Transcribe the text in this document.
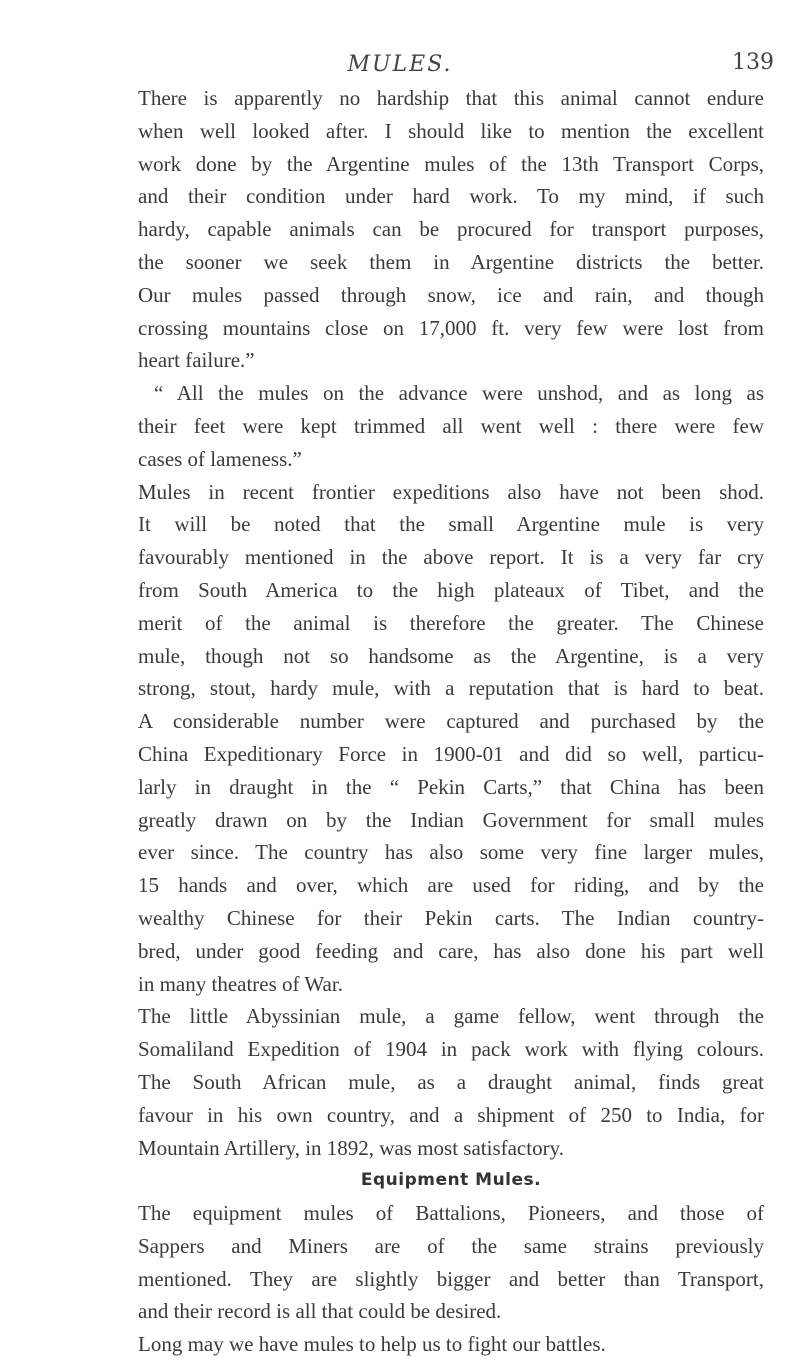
MULES.	139
There is apparently no hardship that this animal cannot endure
when well looked after. I should like to mention the excellent
work done by the Argentine mules of the 13th Transport Corps,
and their condition under hard work. To my mind, if such
hardy, capable animals can be procured for transport purposes,
the sooner we seek them in Argentine districts the better.
Our mules passed through snow, ice and rain, and though
crossing mountains close on 17,000 ft. very few were lost from
heart failure.”
“ All the mules on the advance were unshod, and as long as
their feet were kept trimmed all went well : there were few
cases of lameness.”
Mules in recent frontier expeditions also have not been shod.
It will be noted that the small Argentine mule is very
favourably mentioned in the above report. It is a very far cry
from South America to the high plateaux of Tibet, and the
merit of the animal is therefore the greater. The Chinese
mule, though not so handsome as the Argentine, is a very
strong, stout, hardy mule, with a reputation that is hard to beat.
A considerable number were captured and purchased by the
China Expeditionary Force in 1900-01 and did so well, particu-
larly in draught in the “ Pekin Carts,” that China has been
greatly drawn on by the Indian Government for small mules
ever since. The country has also some very fine larger mules,
15 hands and over, which are used for riding, and by the
wealthy Chinese for their Pekin carts. The Indian country-
bred, under good feeding and care, has also done his part well
in many theatres of War.
The little Abyssinian mule, a game fellow, went through the
Somaliland Expedition of 1904 in pack work with flying colours.
The South African mule, as a draught animal, finds great
favour in his own country, and a shipment of 250 to India, for
Mountain Artillery, in 1892, was most satisfactory.
Equipment Mules.
The equipment mules of Battalions, Pioneers, and those of
Sappers and Miners are of the same strains previously
mentioned. They are slightly bigger and better than Transport,
and their record is all that could be desired.
Long may we have mules to help us to fight our battles.
